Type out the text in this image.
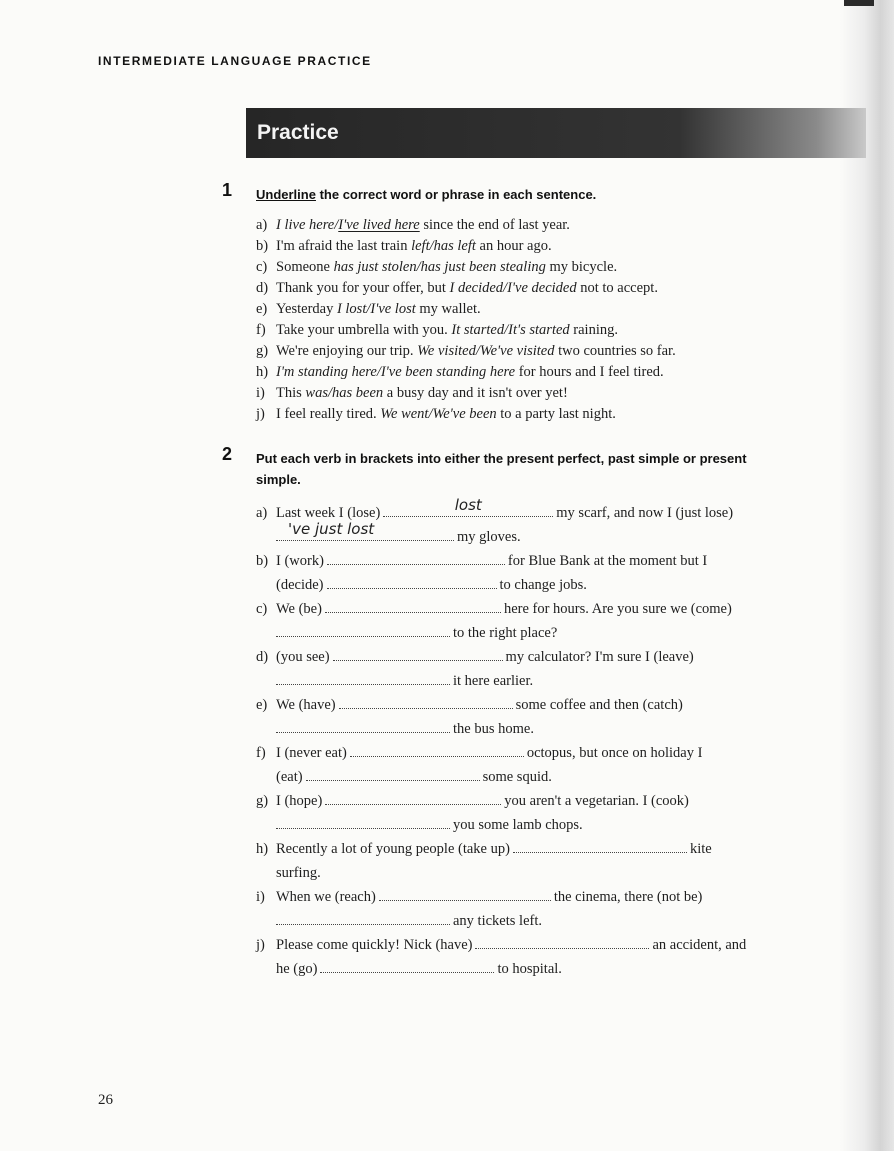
INTERMEDIATE LANGUAGE PRACTICE
Practice
1 Underline the correct word or phrase in each sentence.
a) I live here/I've lived here since the end of last year.
b) I'm afraid the last train left/has left an hour ago.
c) Someone has just stolen/has just been stealing my bicycle.
d) Thank you for your offer, but I decided/I've decided not to accept.
e) Yesterday I lost/I've lost my wallet.
f) Take your umbrella with you. It started/It's started raining.
g) We're enjoying our trip. We visited/We've visited two countries so far.
h) I'm standing here/I've been standing here for hours and I feel tired.
i) This was/has been a busy day and it isn't over yet!
j) I feel really tired. We went/We've been to a party last night.
2 Put each verb in brackets into either the present perfect, past simple or present
simple.
a) Last week I (lose)	lost	my scarf, and now I (just lose)
've just lost	my gloves.
b) I (work)	for Blue Bank at the moment but I
(decide)	to change jobs.
c) We (be)	here for hours. Are you sure we (come)
to the right place?
d) (you see)	my calculator? I'm sure I (leave)
it here earlier.
e) We (have)	some coffee and then (catch)
the bus home.
f) I (never eat)	octopus, but once on holiday I
(eat)	some squid.
g) I (hope)	you aren't a vegetarian. I (cook)
you some lamb chops.
h) Recently a lot of young people (take up)	kite
surfing.
i) When we (reach)	the cinema, there (not be)
any tickets left.
j) Please come quickly! Nick (have)	an accident, and
he (go)	to hospital.
26
